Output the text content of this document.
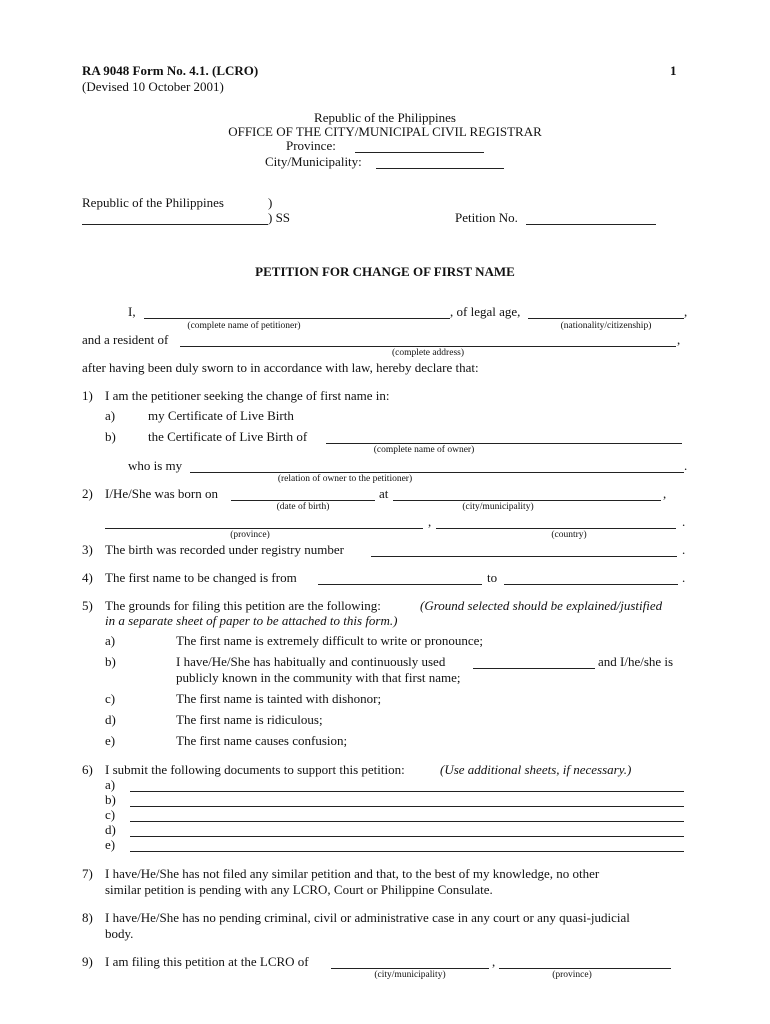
RA 9048 Form No. 4.1. (LCRO)	1
(Devised 10 October 2001)
Republic of the Philippines
OFFICE OF THE CITY/MUNICIPAL CIVIL REGISTRAR
Province:
City/Municipality:
Republic of the Philippines	)
) SS	Petition No.
PETITION FOR CHANGE OF FIRST NAME
I,	, of legal age,	,
(complete name of petitioner)	(nationality/citizenship)
and a resident of	,
(complete address)
after having been duly sworn to in accordance with law, hereby declare that:
1) I am the petitioner seeking the change of first name in:
a)	my Certificate of Live Birth
b) the Certificate of Live Birth of
(complete name of owner)
who is my	.
(relation of owner to the petitioner)
2) I/He/She was born on	at	,
(date of birth)	(city/municipality)
,	.
(province)	(country)
3) The birth was recorded under registry number	.
4) The first name to be changed is from	to	.
5) The grounds for filing this petition are the following:	(Ground selected should be explained/justified
in a separate sheet of paper to be attached to this form.)
a)	The first name is extremely difficult to write or pronounce;
b)	I have/He/She has habitually and continuously used	and I/he/she is
publicly known in the community with that first name;
c)	The first name is tainted with dishonor;
d)	The first name is ridiculous;
e)	The first name causes confusion;
6) I submit the following documents to support this petition:	(Use additional sheets, if necessary.)
a)
b)
c)
d)
e)
7) I have/He/She has not filed any similar petition and that, to the best of my knowledge, no other
similar petition is pending with any LCRO, Court or Philippine Consulate.
8) I have/He/She has no pending criminal, civil or administrative case in any court or any quasi-judicial
body.
9) I am filing this petition at the LCRO of	,
(city/municipality)	(province)
